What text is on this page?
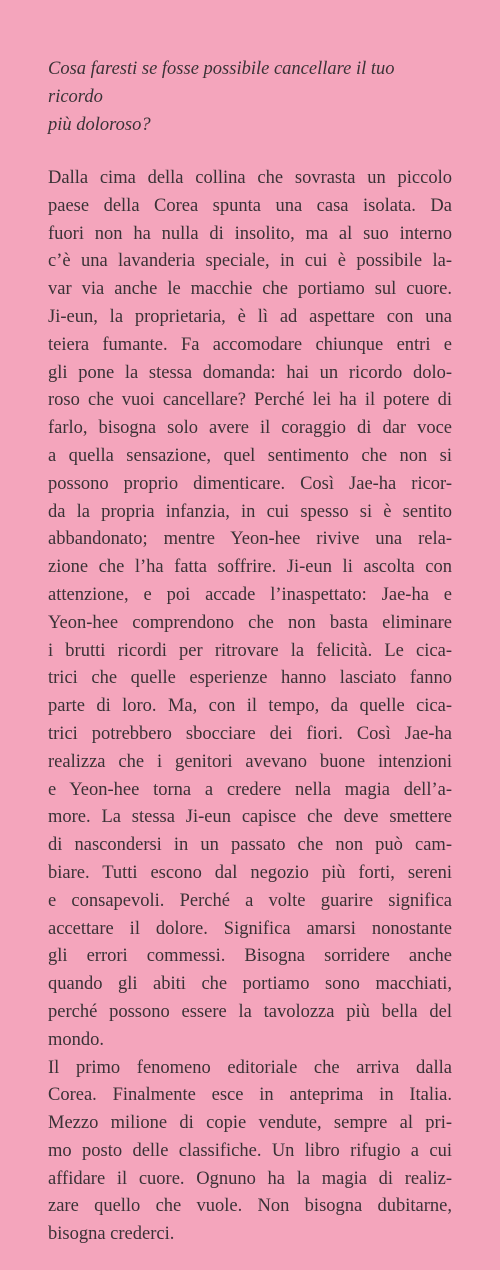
Cosa faresti se fosse possibile cancellare il tuo ricordo
più doloroso?

Dalla cima della collina che sovrasta un piccolo
paese della Corea spunta una casa isolata. Da
fuori non ha nulla di insolito, ma al suo interno
c’è una lavanderia speciale, in cui è possibile la-
var via anche le macchie che portiamo sul cuore.
Ji-eun, la proprietaria, è lì ad aspettare con una
teiera fumante. Fa accomodare chiunque entri e
gli pone la stessa domanda: hai un ricordo dolo-
roso che vuoi cancellare? Perché lei ha il potere di
farlo, bisogna solo avere il coraggio di dar voce
a quella sensazione, quel sentimento che non si
possono proprio dimenticare. Così Jae-ha ricor-
da la propria infanzia, in cui spesso si è sentito
abbandonato; mentre Yeon-hee rivive una rela-
zione che l’ha fatta soffrire. Ji-eun li ascolta con
attenzione, e poi accade l’inaspettato: Jae-ha e
Yeon-hee comprendono che non basta eliminare
i brutti ricordi per ritrovare la felicità. Le cica-
trici che quelle esperienze hanno lasciato fanno
parte di loro. Ma, con il tempo, da quelle cica-
trici potrebbero sbocciare dei fiori. Così Jae-ha
realizza che i genitori avevano buone intenzioni
e Yeon-hee torna a credere nella magia dell’a-
more. La stessa Ji-eun capisce che deve smettere
di nascondersi in un passato che non può cam-
biare. Tutti escono dal negozio più forti, sereni
e consapevoli. Perché a volte guarire significa
accettare il dolore. Significa amarsi nonostante
gli errori commessi. Bisogna sorridere anche
quando gli abiti che portiamo sono macchiati,
perché possono essere la tavolozza più bella del
mondo.

Il primo fenomeno editoriale che arriva dalla
Corea. Finalmente esce in anteprima in Italia.
Mezzo milione di copie vendute, sempre al pri-
mo posto delle classifiche. Un libro rifugio a cui
affidare il cuore. Ognuno ha la magia di realiz-
zare quello che vuole. Non bisogna dubitarne,
bisogna crederci.
